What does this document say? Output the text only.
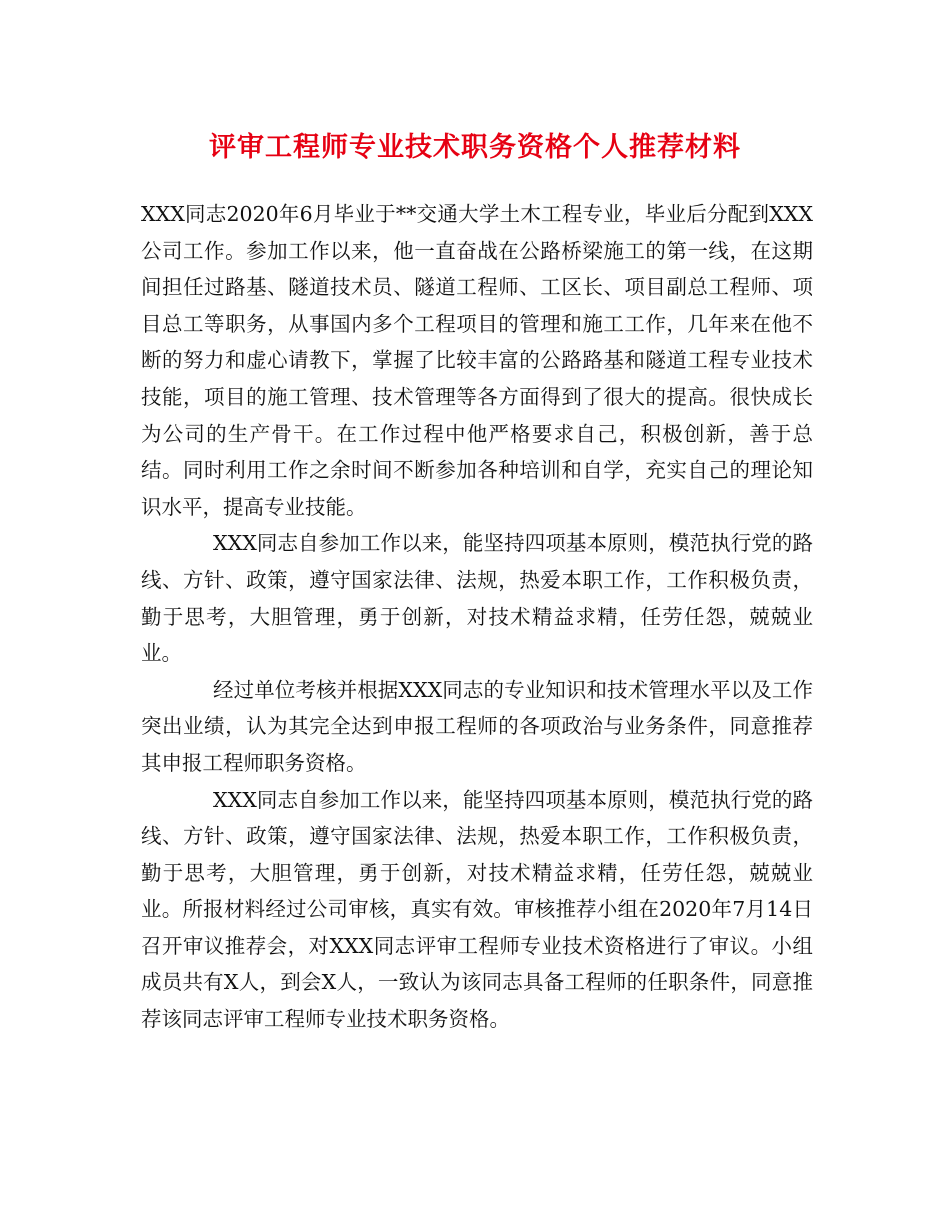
评审工程师专业技术职务资格个人推荐材料

XXX同志2020年6月毕业于**交通大学土木工程专业，毕业后分配到XXX公司工作。参加工作以来，他一直奋战在公路桥梁施工的第一线，在这期间担任过路基、隧道技术员、隧道工程师、工区长、项目副总工程师、项目总工等职务，从事国内多个工程项目的管理和施工工作，几年来在他不断的努力和虚心请教下，掌握了比较丰富的公路路基和隧道工程专业技术技能，项目的施工管理、技术管理等各方面得到了很大的提高。很快成长为公司的生产骨干。在工作过程中他严格要求自己，积极创新，善于总结。同时利用工作之余时间不断参加各种培训和自学，充实自己的理论知识水平，提高专业技能。

XXX同志自参加工作以来，能坚持四项基本原则，模范执行党的路线、方针、政策，遵守国家法律、法规，热爱本职工作，工作积极负责，勤于思考，大胆管理，勇于创新，对技术精益求精，任劳任怨，兢兢业业。

经过单位考核并根据XXX同志的专业知识和技术管理水平以及工作突出业绩，认为其完全达到申报工程师的各项政治与业务条件，同意推荐其申报工程师职务资格。

XXX同志自参加工作以来，能坚持四项基本原则，模范执行党的路线、方针、政策，遵守国家法律、法规，热爱本职工作，工作积极负责，勤于思考，大胆管理，勇于创新，对技术精益求精，任劳任怨，兢兢业业。所报材料经过公司审核，真实有效。审核推荐小组在2020年7月14日召开审议推荐会，对XXX同志评审工程师专业技术资格进行了审议。小组成员共有X人，到会X人，一致认为该同志具备工程师的任职条件，同意推荐该同志评审工程师专业技术职务资格。
